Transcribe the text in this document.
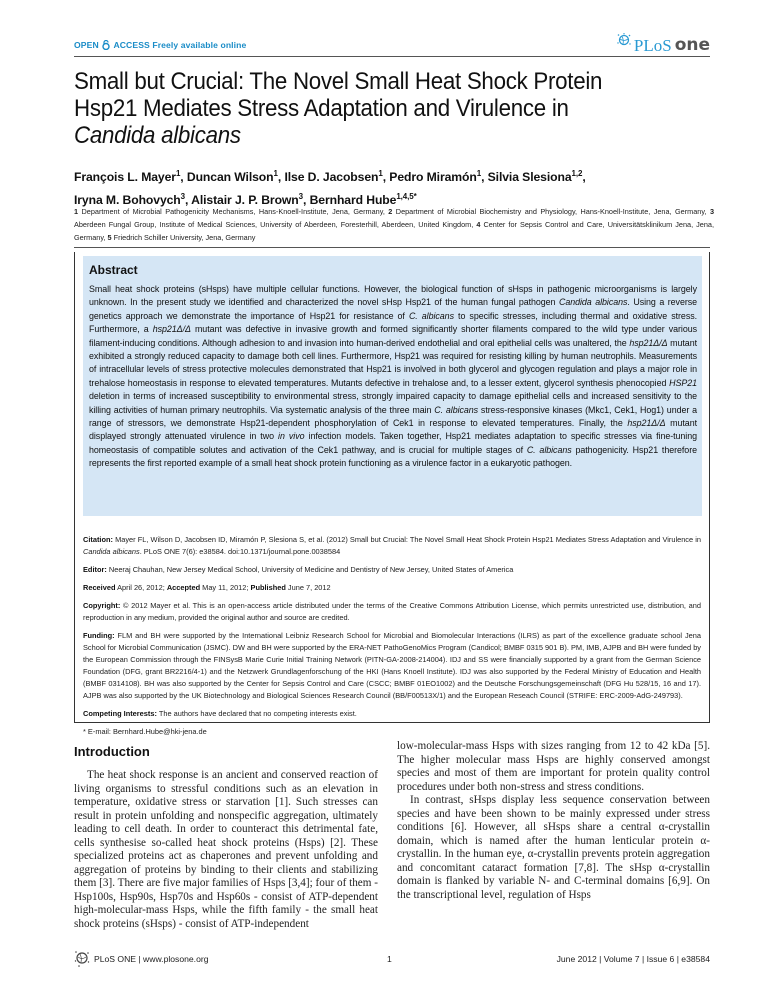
OPEN ACCESS Freely available online	PLoS one
Small but Crucial: The Novel Small Heat Shock Protein
Hsp21 Mediates Stress Adaptation and Virulence in
Candida albicans
François L. Mayer$^1$, Duncan Wilson$^1$, Ilse D. Jacobsen$^1$, Pedro Miramón$^1$, Silvia Slesiona$^{1,2}$,
Iryna M. Bohovych$^3$, Alistair J. P. Brown$^3$, Bernhard Hube$^{1,4,5*}$
1 Department of Microbial Pathogenicity Mechanisms, Hans-Knoell-Institute, Jena, Germany, 2 Department of Microbial Biochemistry and Physiology, Hans-Knoell-Institute, Jena, Germany, 3 Aberdeen Fungal Group, Institute of Medical Sciences, University of Aberdeen, Foresterhill, Aberdeen, United Kingdom, 4 Center for Sepsis Control and Care, Universitätsklinikum Jena, Jena, Germany, 5 Friedrich Schiller University, Jena, Germany
Abstract

Small heat shock proteins (sHsps) have multiple cellular functions. However, the biological function of sHsps in pathogenic microorganisms is largely unknown. In the present study we identified and characterized the novel sHsp Hsp21 of the human fungal pathogen Candida albicans. Using a reverse genetics approach we demonstrate the importance of Hsp21 for resistance of C. albicans to specific stresses, including thermal and oxidative stress. Furthermore, a hsp21Δ/Δ mutant was defective in invasive growth and formed significantly shorter filaments compared to the wild type under various filament-inducing conditions. Although adhesion to and invasion into human-derived endothelial and oral epithelial cells was unaltered, the hsp21Δ/Δ mutant exhibited a strongly reduced capacity to damage both cell lines. Furthermore, Hsp21 was required for resisting killing by human neutrophils. Measurements of intracellular levels of stress protective molecules demonstrated that Hsp21 is involved in both glycerol and glycogen regulation and plays a major role in trehalose homeostasis in response to elevated temperatures. Mutants defective in trehalose and, to a lesser extent, glycerol synthesis phenocopied HSP21 deletion in terms of increased susceptibility to environmental stress, strongly impaired capacity to damage epithelial cells and increased sensitivity to the killing activities of human primary neutrophils. Via systematic analysis of the three main C. albicans stress-responsive kinases (Mkc1, Cek1, Hog1) under a range of stressors, we demonstrate Hsp21-dependent phosphorylation of Cek1 in response to elevated temperatures. Finally, the hsp21Δ/Δ mutant displayed strongly attenuated virulence in two in vivo infection models. Taken together, Hsp21 mediates adaptation to specific stresses via fine-tuning homeostasis of compatible solutes and activation of the Cek1 pathway, and is crucial for multiple stages of C. albicans pathogenicity. Hsp21 therefore represents the first reported example of a small heat shock protein functioning as a virulence factor in a eukaryotic pathogen.

Citation: Mayer FL, Wilson D, Jacobsen ID, Miramón P, Slesiona S, et al. (2012) Small but Crucial: The Novel Small Heat Shock Protein Hsp21 Mediates Stress Adaptation and Virulence in Candida albicans. PLoS ONE 7(6): e38584. doi:10.1371/journal.pone.0038584

Editor: Neeraj Chauhan, New Jersey Medical School, University of Medicine and Dentistry of New Jersey, United States of America

Received April 26, 2012; Accepted May 11, 2012; Published June 7, 2012

Copyright: © 2012 Mayer et al. This is an open-access article distributed under the terms of the Creative Commons Attribution License, which permits unrestricted use, distribution, and reproduction in any medium, provided the original author and source are credited.

Funding: FLM and BH were supported by the International Leibniz Research School for Microbial and Biomolecular Interactions (ILRS) as part of the excellence graduate school Jena School for Microbial Communication (JSMC). DW and BH were supported by the ERA-NET PathoGenoMics Program (Candicol; BMBF 0315 901 B). PM, IMB, AJPB and BH were funded by the European Commission through the FINSysB Marie Curie Initial Training Network (PITN-GA-2008-214004). IDJ and SS were financially supported by a grant from the German Science Foundation (DFG, grant BR2216/4-1) and the Netzwerk Grundlagenforschung of the HKI (Hans Knoell Institute). IDJ was also supported by the Federal Ministry of Education and Health (BMBF 0314108). BH was also supported by the Center for Sepsis Control and Care (CSCC; BMBF 01EO1002) and the Deutsche Forschungsgemeinschaft (DFG Hu 528/15, 16 and 17). AJPB was also supported by the UK Biotechnology and Biological Sciences Research Council (BB/F00513X/1) and the European Reseach Council (STRIFE: ERC-2009-AdG-249793).

Competing Interests: The authors have declared that no competing interests exist.

* E-mail: Bernhard.Hube@hki-jena.de

Introduction

The heat shock response is an ancient and conserved reaction of living organisms to stressful conditions such as an elevation in temperature, oxidative stress or starvation [1]. Such stresses can result in protein unfolding and nonspecific aggregation, ultimately leading to cell death. In order to counteract this detrimental fate, cells synthesise so-called heat shock proteins (Hsps) [2]. These specialized proteins act as chaperones and prevent unfolding and aggregation of proteins by binding to their clients and stabilizing them [3]. There are five major families of Hsps [3,4]; four of them - Hsp100s, Hsp90s, Hsp70s and Hsp60s - consist of ATP-dependent high-molecular-mass Hsps, while the fifth family - the small heat shock proteins (sHsps) - consist of ATP-independent

low-molecular-mass Hsps with sizes ranging from 12 to 42 kDa [5]. The higher molecular mass Hsps are highly conserved amongst species and most of them are important for protein quality control procedures under both non-stress and stress conditions.

In contrast, sHsps display less sequence conservation between species and have been shown to be mainly expressed under stress conditions [6]. However, all sHsps share a central α-crystallin domain, which is named after the human lenticular protein α-crystallin. In the human eye, α-crystallin prevents protein aggregation and concomitant cataract formation [7,8]. The sHsp α-crystallin domain is flanked by variable N- and C-terminal domains [6,9]. On the transcriptional level, regulation of Hsps

PLoS ONE | www.plosone.org	1	June 2012 | Volume 7 | Issue 6 | e38584
